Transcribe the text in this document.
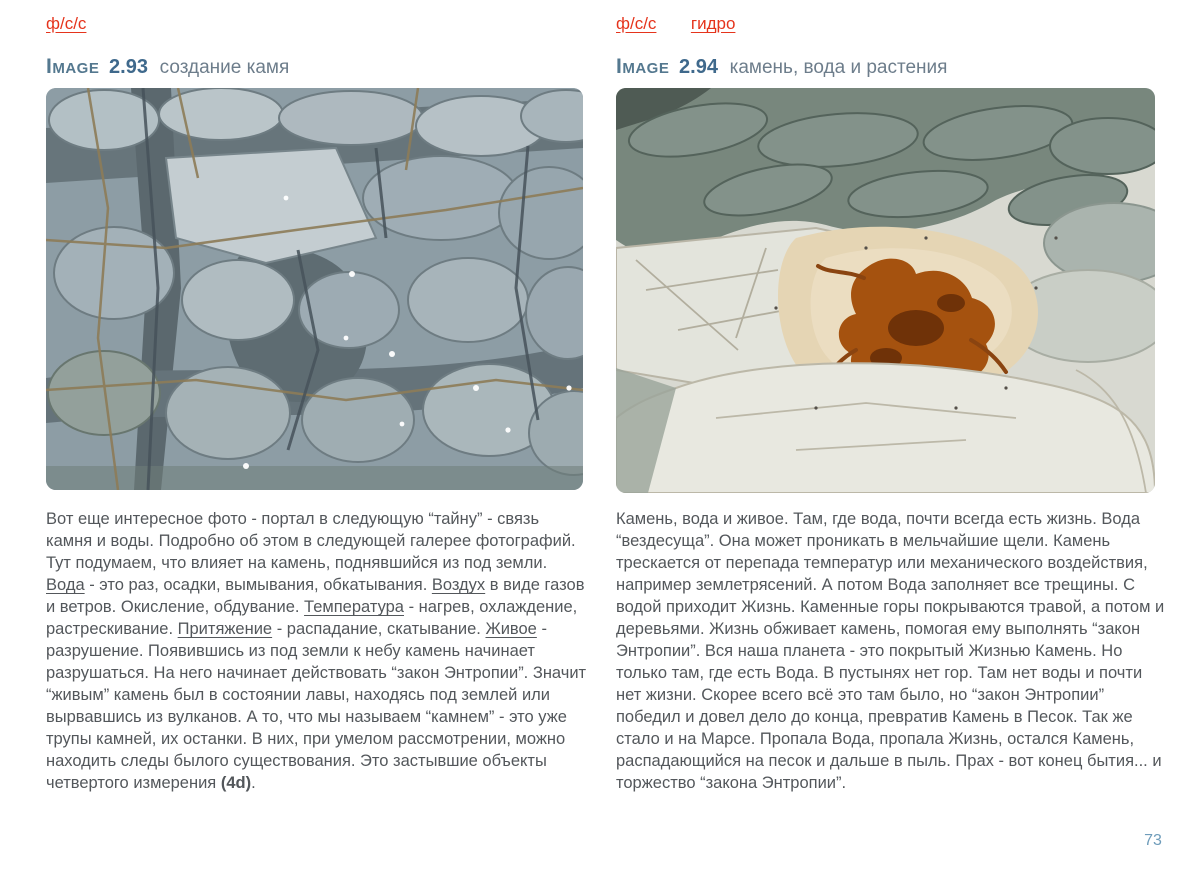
ф/с/с
Image 2.93 создание камя

Вот еще интересное фото - портал в следующую “тайну” - связь камня и воды. Подробно об этом в следующей галерее фотографий. Тут подумаем, что влияет на камень, поднявшийся из под земли. Вода - это раз, осадки, вымывания, обкатывания. Воздух в виде газов и ветров. Окисление, обдувание. Температура - нагрев, охлаждение, растрескивание. Притяжение - распадание, скатывание. Живое - разрушение. Появившись из под земли к небу камень начинает разрушаться. На него начинает действовать “закон Энтропии”. Значит “живым” камень был в состоянии лавы, находясь под землей или вырвавшись из вулканов. А то, что мы называем “камнем” - это уже трупы камней, их останки. В них, при умелом рассмотрении, можно находить следы былого существования. Это застывшие объекты четвертого измерения (4d).

ф/с/с гидро
Image 2.94 камень, вода и растения

Камень, вода и живое. Там, где вода, почти всегда есть жизнь. Вода “вездесуща”. Она может проникать в мельчайшие щели. Камень трескается от перепада температур или механического воздействия, например землетрясений. А потом Вода заполняет все трещины. С водой приходит Жизнь. Каменные горы покрываются травой, а потом и деревьями. Жизнь обживает камень, помогая ему выполнять “закон Энтропии”. Вся наша планета - это покрытый Жизнью Камень. Но только там, где есть Вода. В пустынях нет гор. Там нет воды и почти нет жизни. Скорее всего всё это там было, но “закон Энтропии” победил и довел дело до конца, превратив Камень в Песок. Так же стало и на Марсе. Пропала Вода, пропала Жизнь, остался Камень, распадающийся на песок и дальше в пыль. Прах - вот конец бытия... и торжество “закона Энтропии”.

73
